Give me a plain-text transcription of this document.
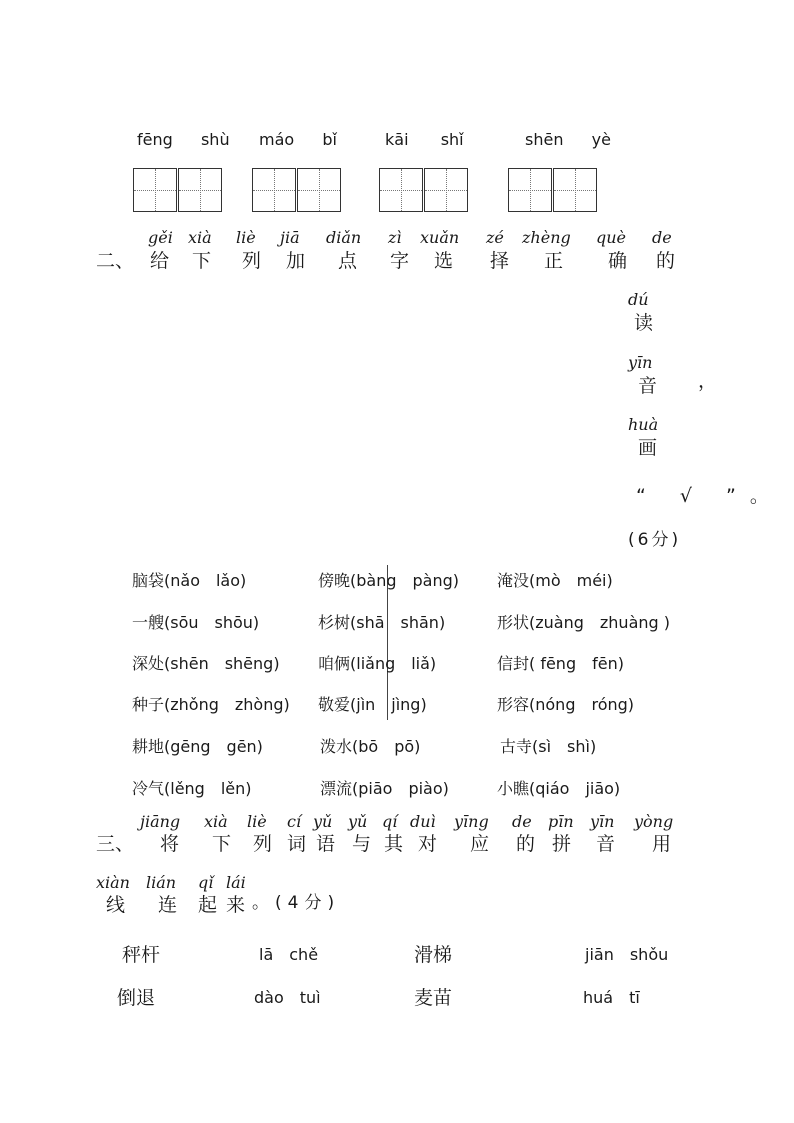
fēng shù máo bǐ	kāi shǐ	shēn yè
二、
gěi
给
xià
下
liè
列
jiā
加
diǎn
点
zì
字
xuǎn
选
zé
择
zhèng
正
què
确
de
的
dú
读
yīn
音 ，
huà
画
“ √ ”。
(6分)
脑袋(nǎo　lǎo)	傍晚(bàng　pàng) 淹没(mò　méi)
一艘(sōu　shōu)	杉树(shā　shān)	形状(zuàng　zhuàng )
深处(shēn　shēng) 咱俩(liǎng　liǎ)	信封( fēng　fēn)
种子(zhǒng　zhòng) 敬爱(jìn　jìng)	形容(nóng　róng)
耕地(gēng　gēn)	泼水(bō　pō)	古寺(sì　shì)
冷气(lěng　lěn)	漂流(piāo　piào)	小瞧(qiáo　jiāo)
三、
jiāng
将
xià
下
liè
列
cí
词
yǔ
语
yǔ
与
qí
其
duì
对
yīng
应
de
的
pīn
拼
yīn
音
yòng
用
xiàn
线
lián
连
qǐ
起
lái
来 。(4分)
秤杆	lā　chě	滑梯	jiān　shǒu
倒退	dào　tuì	麦苗	huá　tī
